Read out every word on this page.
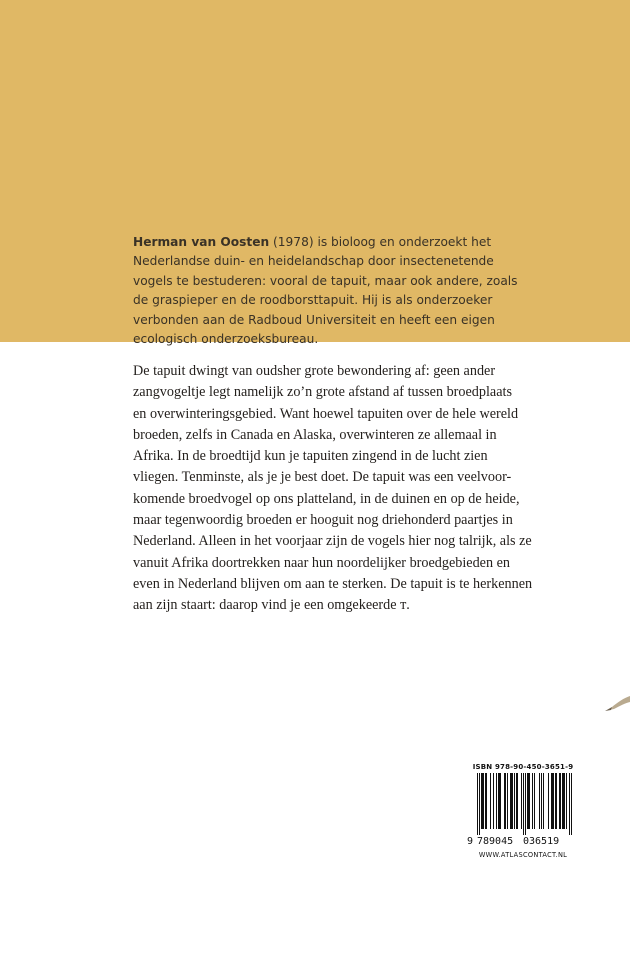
Herman van Oosten (1978) is bioloog en onderzoekt het Nederlandse duin- en heidelandschap door insectenetende vogels te bestuderen: vooral de tapuit, maar ook andere, zoals de graspieper en de roodborsttapuit. Hij is als onderzoeker verbonden aan de Radboud Universiteit en heeft een eigen ecologisch onderzoeksbureau.

De tapuit dwingt van oudsher grote bewondering af: geen ander
zangvogeltje legt namelijk zo’n grote afstand af tussen broedplaats
en overwinteringsgebied. Want hoewel tapuiten over de hele wereld
broeden, zelfs in Canada en Alaska, overwinteren ze allemaal in
Afrika. In de broedtijd kun je tapuiten zingend in de lucht zien
vliegen. Tenminste, als je je best doet. De tapuit was een veelvoor-
komende broedvogel op ons platteland, in de duinen en op de heide,
maar tegenwoordig broeden er hooguit nog driehonderd paartjes in
Nederland. Alleen in het voorjaar zijn de vogels hier nog talrijk, als ze
vanuit Afrika doortrekken naar hun noordelijker broedgebieden en
even in Nederland blijven om aan te sterken. De tapuit is te herkennen
aan zijn staart: daarop vind je een omgekeerde ᴛ.
ISBN 978-90-450-3651-9
9 789045 036519
WWW.ATLASCONTACT.NL
